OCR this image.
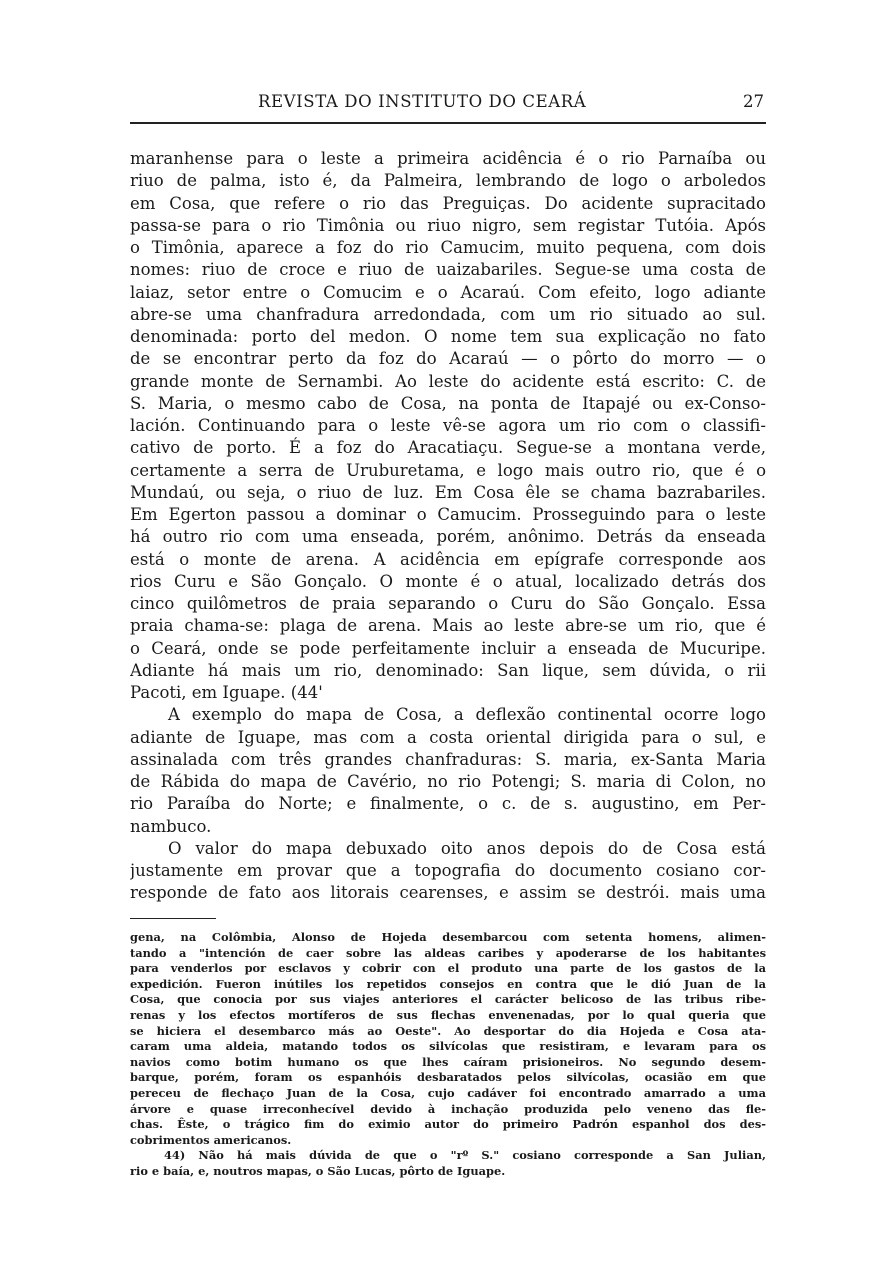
REVISTA DO INSTITUTO DO CEARÁ	27
maranhense para o leste a primeira acidência é o rio Parnaíba ou
riuo de palma, isto é, da Palmeira, lembrando de logo o arboledos
em Cosa, que refere o rio das Preguiças. Do acidente supracitado
passa-se para o rio Timônia ou riuo nigro, sem registar Tutóia. Após
o Timônia, aparece a foz do rio Camucim, muito pequena, com dois
nomes: riuo de croce e riuo de uaizabariles. Segue-se uma costa de
laiaz, setor entre o Comucim e o Acaraú. Com efeito, logo adiante
abre-se uma chanfradura arredondada, com um rio situado ao sul.
denominada: porto del medon. O nome tem sua explicação no fato
de se encontrar perto da foz do Acaraú — o pôrto do morro — o
grande monte de Sernambi. Ao leste do acidente está escrito: C. de
S. Maria, o mesmo cabo de Cosa, na ponta de Itapajé ou ex-Conso-
lación. Continuando para o leste vê-se agora um rio com o classifi-
cativo de porto. É a foz do Aracatiaçu. Segue-se a montana verde,
certamente a serra de Uruburetama, e logo mais outro rio, que é o
Mundaú, ou seja, o riuo de luz. Em Cosa êle se chama bazrabariles.
Em Egerton passou a dominar o Camucim. Prosseguindo para o leste
há outro rio com uma enseada, porém, anônimo. Detrás da enseada
está o monte de arena. A acidência em epígrafe corresponde aos
rios Curu e São Gonçalo. O monte é o atual, localizado detrás dos
cinco quilômetros de praia separando o Curu do São Gonçalo. Essa
praia chama-se: plaga de arena. Mais ao leste abre-se um rio, que é
o Ceará, onde se pode perfeitamente incluir a enseada de Mucuripe.
Adiante há mais um rio, denominado: San lique, sem dúvida, o rii
Pacoti, em Iguape. (44'
A exemplo do mapa de Cosa, a deflexão continental ocorre logo
adiante de Iguape, mas com a costa oriental dirigida para o sul, e
assinalada com três grandes chanfraduras: S. maria, ex-Santa Maria
de Rábida do mapa de Cavério, no rio Potengi; S. maria di Colon, no
rio Paraíba do Norte; e finalmente, o c. de s. augustino, em Per-
nambuco.
O valor do mapa debuxado oito anos depois do de Cosa está
justamente em provar que a topografia do documento cosiano cor-
responde de fato aos litorais cearenses, e assim se destrói. mais uma
gena, na Colômbia, Alonso de Hojeda desembarcou com setenta homens, alimen-
tando a "intención de caer sobre las aldeas caribes y apoderarse de los habitantes
para venderlos por esclavos y cobrir con el produto una parte de los gastos de la
expedición. Fueron inútiles los repetidos consejos en contra que le dió Juan de la
Cosa, que conocia por sus viajes anteriores el carácter belicoso de las tribus ribe-
renas y los efectos mortíferos de sus flechas envenenadas, por lo qual queria que
se hiciera el desembarco más ao Oeste". Ao desportar do dia Hojeda e Cosa ata-
caram uma aldeia, matando todos os silvícolas que resistiram, e levaram para os
navios como botim humano os que lhes caíram prisioneiros. No segundo desem-
barque, porém, foram os espanhóis desbaratados pelos silvícolas, ocasião em que
pereceu de flechaço Juan de la Cosa, cujo cadáver foi encontrado amarrado a uma
árvore e quase irreconhecível devido à inchação produzida pelo veneno das fle-
chas. Êste, o trágico fim do eximio autor do primeiro Padrón espanhol dos des-
cobrimentos americanos.
44) Não há mais dúvida de que o "rº S." cosiano corresponde a San Julian,
rio e baía, e, noutros mapas, o São Lucas, pôrto de Iguape.
